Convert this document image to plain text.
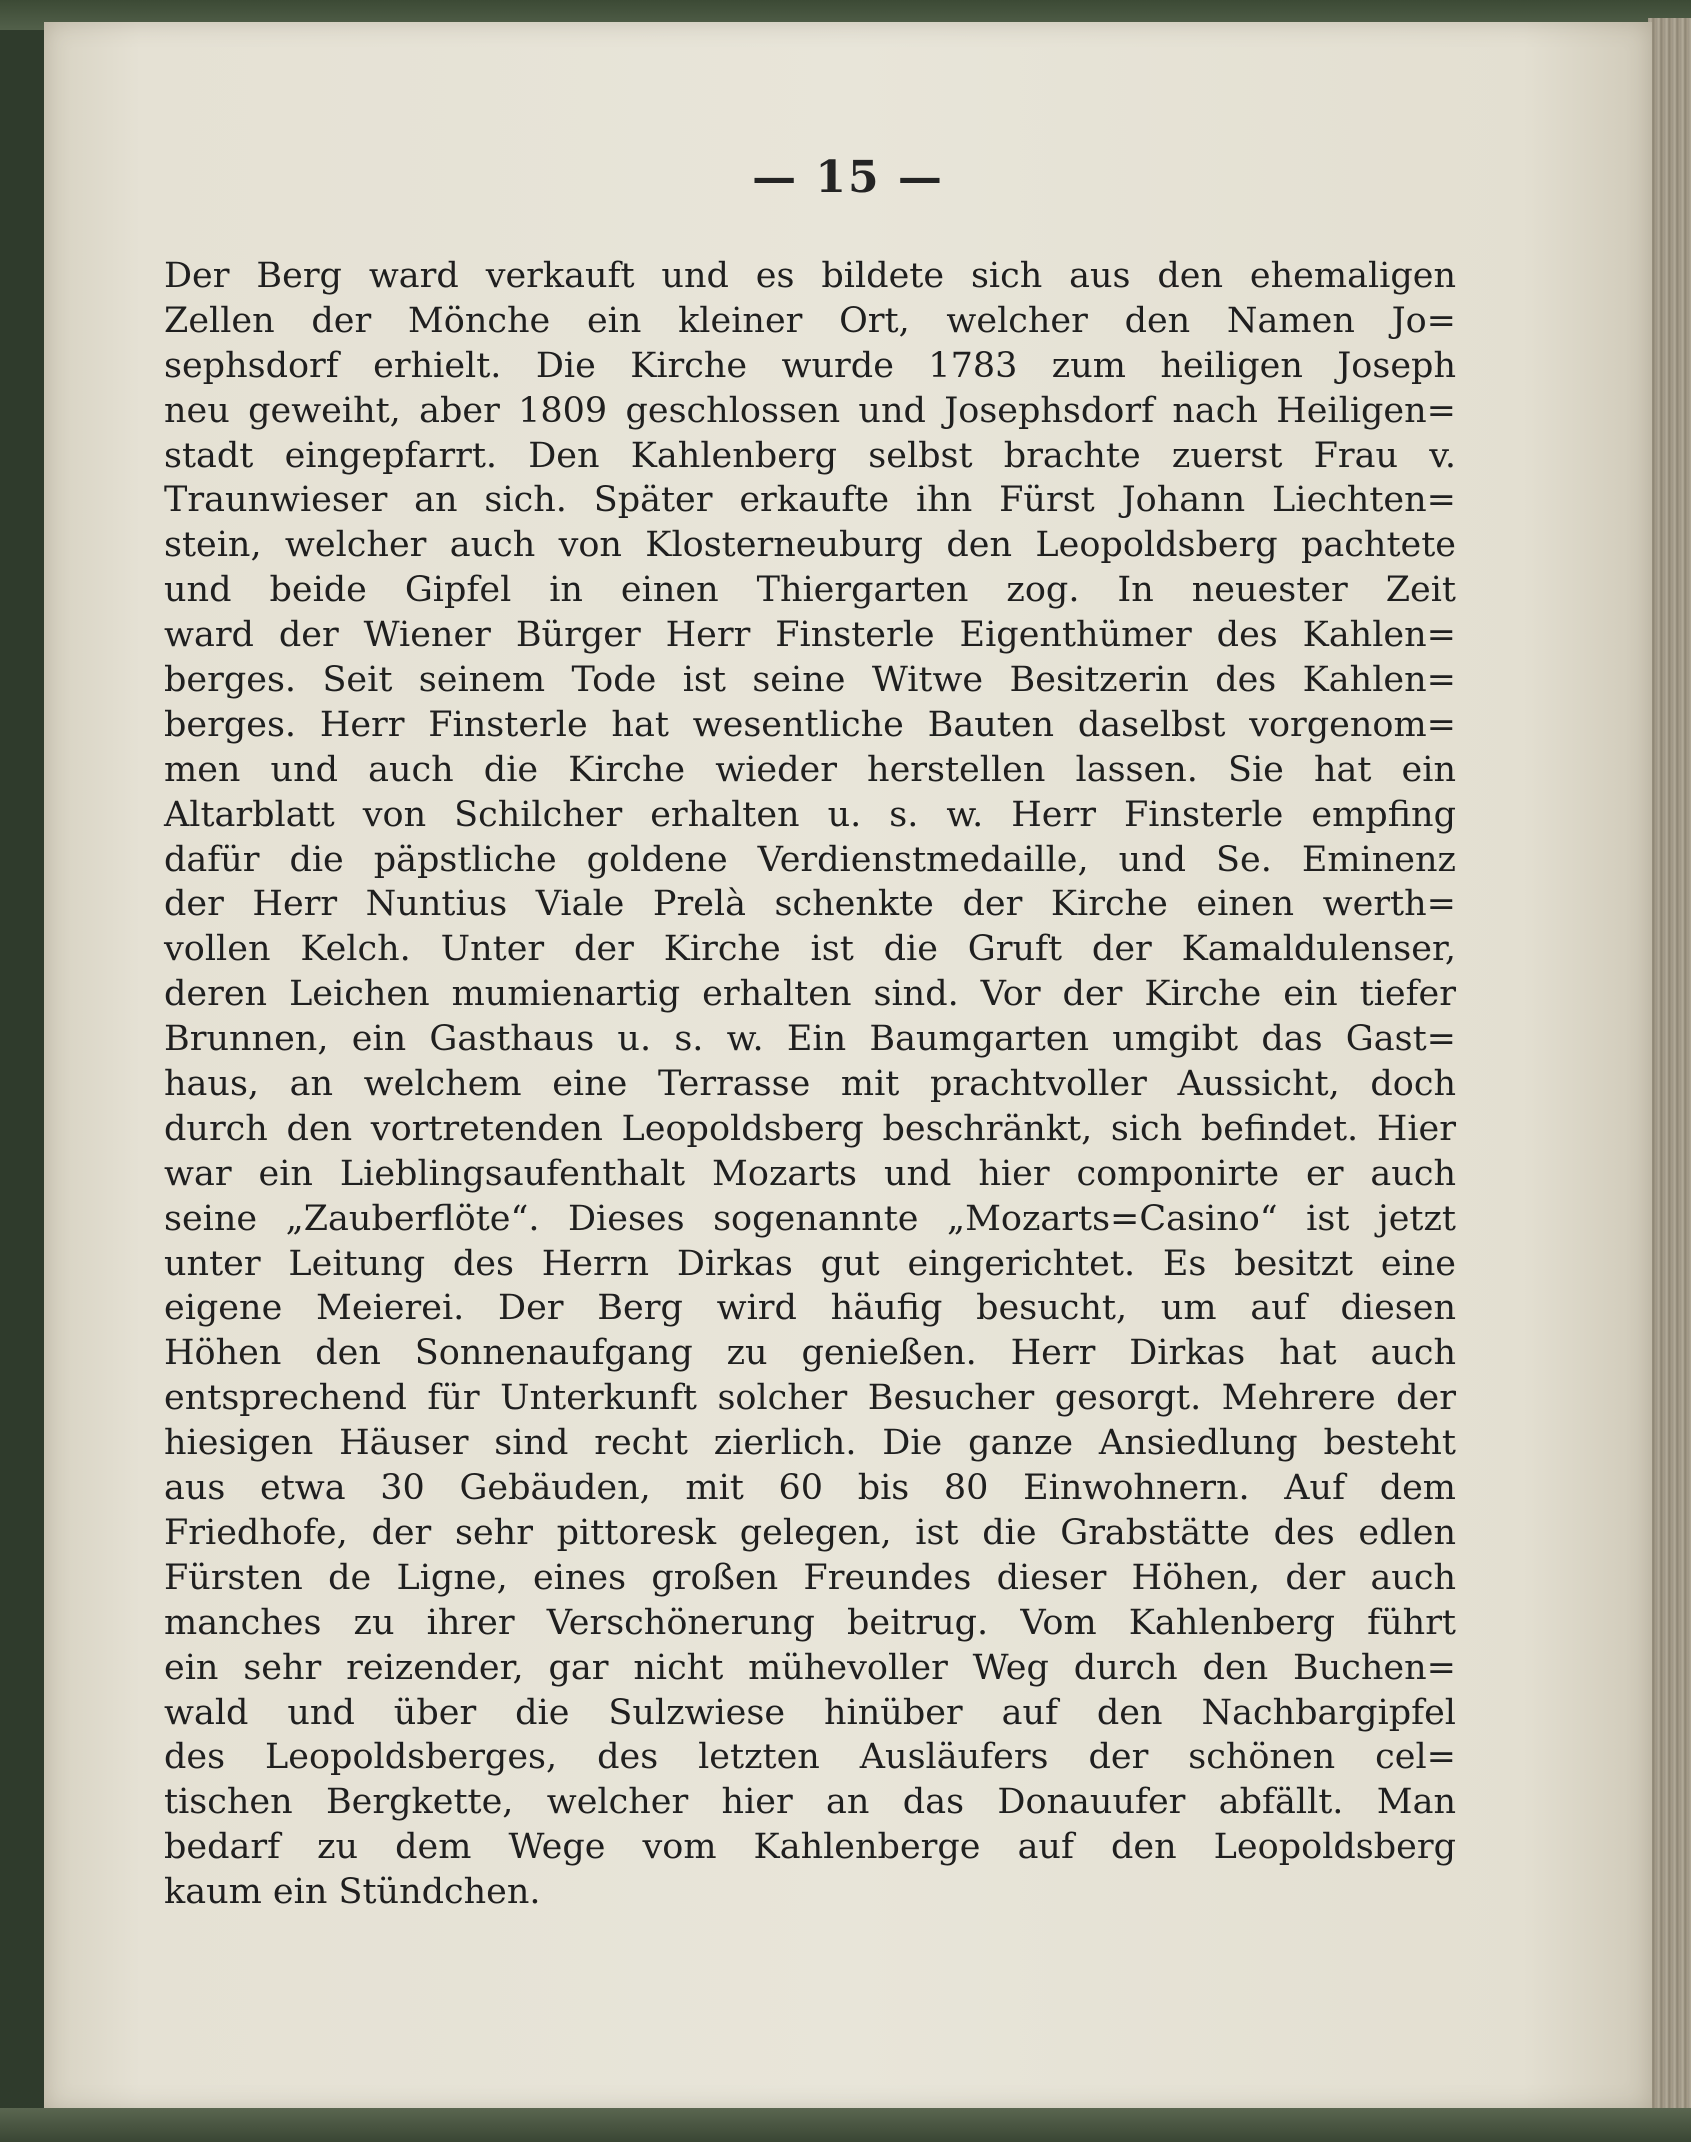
— 15 —
Der Berg ward verkauft und es bildete sich aus den ehemaligen
Zellen der Mönche ein kleiner Ort, welcher den Namen Jo=
sephsdorf erhielt. Die Kirche wurde 1783 zum heiligen Joseph
neu geweiht, aber 1809 geschlossen und Josephsdorf nach Heiligen=
stadt eingepfarrt. Den Kahlenberg selbst brachte zuerst Frau v.
Traunwieser an sich. Später erkaufte ihn Fürst Johann Liechten=
stein, welcher auch von Klosterneuburg den Leopoldsberg pachtete
und beide Gipfel in einen Thiergarten zog. In neuester Zeit
ward der Wiener Bürger Herr Finsterle Eigenthümer des Kahlen=
berges. Seit seinem Tode ist seine Witwe Besitzerin des Kahlen=
berges. Herr Finsterle hat wesentliche Bauten daselbst vorgenom=
men und auch die Kirche wieder herstellen lassen. Sie hat ein
Altarblatt von Schilcher erhalten u. s. w. Herr Finsterle empfing
dafür die päpstliche goldene Verdienstmedaille, und Se. Eminenz
der Herr Nuntius Viale Prelà schenkte der Kirche einen werth=
vollen Kelch. Unter der Kirche ist die Gruft der Kamaldulenser,
deren Leichen mumienartig erhalten sind. Vor der Kirche ein tiefer
Brunnen, ein Gasthaus u. s. w. Ein Baumgarten umgibt das Gast=
haus, an welchem eine Terrasse mit prachtvoller Aussicht, doch
durch den vortretenden Leopoldsberg beschränkt, sich befindet. Hier
war ein Lieblingsaufenthalt Mozarts und hier componirte er auch
seine „Zauberflöte“. Dieses sogenannte „Mozarts=Casino“ ist jetzt
unter Leitung des Herrn Dirkas gut eingerichtet. Es besitzt eine
eigene Meierei. Der Berg wird häufig besucht, um auf diesen
Höhen den Sonnenaufgang zu genießen. Herr Dirkas hat auch
entsprechend für Unterkunft solcher Besucher gesorgt. Mehrere der
hiesigen Häuser sind recht zierlich. Die ganze Ansiedlung besteht
aus etwa 30 Gebäuden, mit 60 bis 80 Einwohnern. Auf dem
Friedhofe, der sehr pittoresk gelegen, ist die Grabstätte des edlen
Fürsten de Ligne, eines großen Freundes dieser Höhen, der auch
manches zu ihrer Verschönerung beitrug. Vom Kahlenberg führt
ein sehr reizender, gar nicht mühevoller Weg durch den Buchen=
wald und über die Sulzwiese hinüber auf den Nachbargipfel
des Leopoldsberges, des letzten Ausläufers der schönen cel=
tischen Bergkette, welcher hier an das Donauufer abfällt. Man
bedarf zu dem Wege vom Kahlenberge auf den Leopoldsberg
kaum ein Stündchen.
